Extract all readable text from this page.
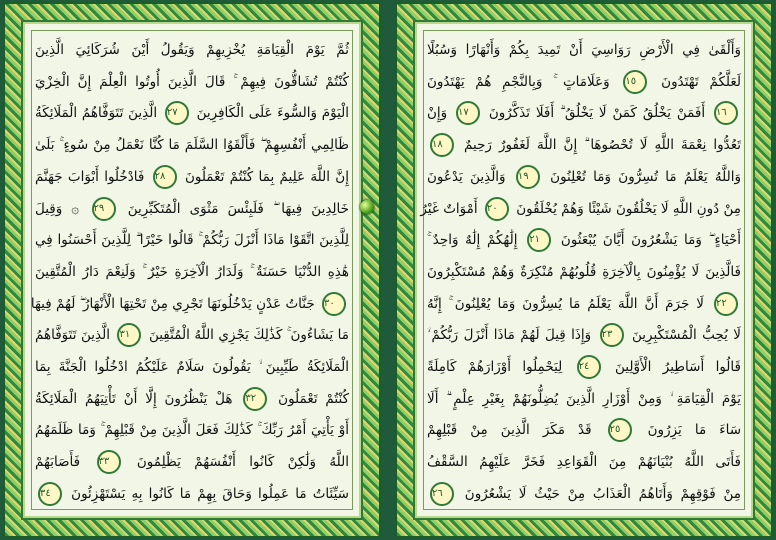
ثُمَّ يَوْمَ الْقِيَامَةِ يُخْزِيهِمْ وَيَقُولُ أَيْنَ شُرَكَائِيَ الَّذِينَ
كُنْتُمْ تُشَاقُّونَ فِيهِمْ ۚ قَالَ الَّذِينَ أُوتُوا الْعِلْمَ إِنَّ الْخِزْيَ
الْيَوْمَ وَالسُّوءَ عَلَى الْكَافِرِينَ ٢٧ الَّذِينَ تَتَوَفَّاهُمُ الْمَلَائِكَةُ
ظَالِمِي أَنْفُسِهِمْ ۖ فَأَلْقَوُا السَّلَمَ مَا كُنَّا نَعْمَلُ مِنْ سُوءٍ ۚ بَلَىٰ
إِنَّ اللَّهَ عَلِيمٌ بِمَا كُنْتُمْ تَعْمَلُونَ ٢٨ فَادْخُلُوا أَبْوَابَ جَهَنَّمَ
خَالِدِينَ فِيهَا ۖ فَلَبِئْسَ مَثْوَى الْمُتَكَبِّرِينَ ٢٩ ۞ وَقِيلَ
لِلَّذِينَ اتَّقَوْا مَاذَا أَنْزَلَ رَبُّكُمْ ۚ قَالُوا خَيْرًا ۗ لِلَّذِينَ أَحْسَنُوا فِي
هَٰذِهِ الدُّنْيَا حَسَنَةٌ ۚ وَلَدَارُ الْآخِرَةِ خَيْرٌ ۚ وَلَنِعْمَ دَارُ الْمُتَّقِينَ
٣٠ جَنَّاتُ عَدْنٍ يَدْخُلُونَهَا تَجْرِي مِنْ تَحْتِهَا الْأَنْهَارُ ۖ لَهُمْ فِيهَا
مَا يَشَاءُونَ ۚ كَذَٰلِكَ يَجْزِي اللَّهُ الْمُتَّقِينَ ٣١ الَّذِينَ تَتَوَفَّاهُمُ
الْمَلَائِكَةُ طَيِّبِينَ ۙ يَقُولُونَ سَلَامٌ عَلَيْكُمُ ادْخُلُوا الْجَنَّةَ بِمَا
كُنْتُمْ تَعْمَلُونَ ٣٢ هَلْ يَنْظُرُونَ إِلَّا أَنْ تَأْتِيَهُمُ الْمَلَائِكَةُ
أَوْ يَأْتِيَ أَمْرُ رَبِّكَ ۚ كَذَٰلِكَ فَعَلَ الَّذِينَ مِنْ قَبْلِهِمْ ۚ وَمَا ظَلَمَهُمُ
اللَّهُ وَلَٰكِنْ كَانُوا أَنْفُسَهُمْ يَظْلِمُونَ ٣٣ فَأَصَابَهُمْ
سَيِّئَاتُ مَا عَمِلُوا وَحَاقَ بِهِمْ مَا كَانُوا بِهِ يَسْتَهْزِئُونَ ٣٤
وَأَلْقَىٰ فِي الْأَرْضِ رَوَاسِيَ أَنْ تَمِيدَ بِكُمْ وَأَنْهَارًا وَسُبُلًا
لَعَلَّكُمْ تَهْتَدُونَ ١٥ وَعَلَامَاتٍ ۚ وَبِالنَّجْمِ هُمْ يَهْتَدُونَ
١٦ أَفَمَنْ يَخْلُقُ كَمَنْ لَا يَخْلُقُ ۗ أَفَلَا تَذَكَّرُونَ ١٧ وَإِنْ
تَعُدُّوا نِعْمَةَ اللَّهِ لَا تُحْصُوهَا ۗ إِنَّ اللَّهَ لَغَفُورٌ رَحِيمٌ ١٨
وَاللَّهُ يَعْلَمُ مَا تُسِرُّونَ وَمَا تُعْلِنُونَ ١٩ وَالَّذِينَ يَدْعُونَ
مِنْ دُونِ اللَّهِ لَا يَخْلُقُونَ شَيْئًا وَهُمْ يُخْلَقُونَ ٢٠ أَمْوَاتٌ غَيْرُ
أَحْيَاءٍ ۖ وَمَا يَشْعُرُونَ أَيَّانَ يُبْعَثُونَ ٢١ إِلَٰهُكُمْ إِلَٰهٌ وَاحِدٌ ۚ
فَالَّذِينَ لَا يُؤْمِنُونَ بِالْآخِرَةِ قُلُوبُهُمْ مُنْكِرَةٌ وَهُمْ مُسْتَكْبِرُونَ
٢٢ لَا جَرَمَ أَنَّ اللَّهَ يَعْلَمُ مَا يُسِرُّونَ وَمَا يُعْلِنُونَ ۚ إِنَّهُ
لَا يُحِبُّ الْمُسْتَكْبِرِينَ ٢٣ وَإِذَا قِيلَ لَهُمْ مَاذَا أَنْزَلَ رَبُّكُمْ ۙ
قَالُوا أَسَاطِيرُ الْأَوَّلِينَ ٢٤ لِيَحْمِلُوا أَوْزَارَهُمْ كَامِلَةً
يَوْمَ الْقِيَامَةِ ۙ وَمِنْ أَوْزَارِ الَّذِينَ يُضِلُّونَهُمْ بِغَيْرِ عِلْمٍ ۗ أَلَا
سَاءَ مَا يَزِرُونَ ٢٥ قَدْ مَكَرَ الَّذِينَ مِنْ قَبْلِهِمْ
فَأَتَى اللَّهُ بُنْيَانَهُمْ مِنَ الْقَوَاعِدِ فَخَرَّ عَلَيْهِمُ السَّقْفُ
مِنْ فَوْقِهِمْ وَأَتَاهُمُ الْعَذَابُ مِنْ حَيْثُ لَا يَشْعُرُونَ ٢٦
